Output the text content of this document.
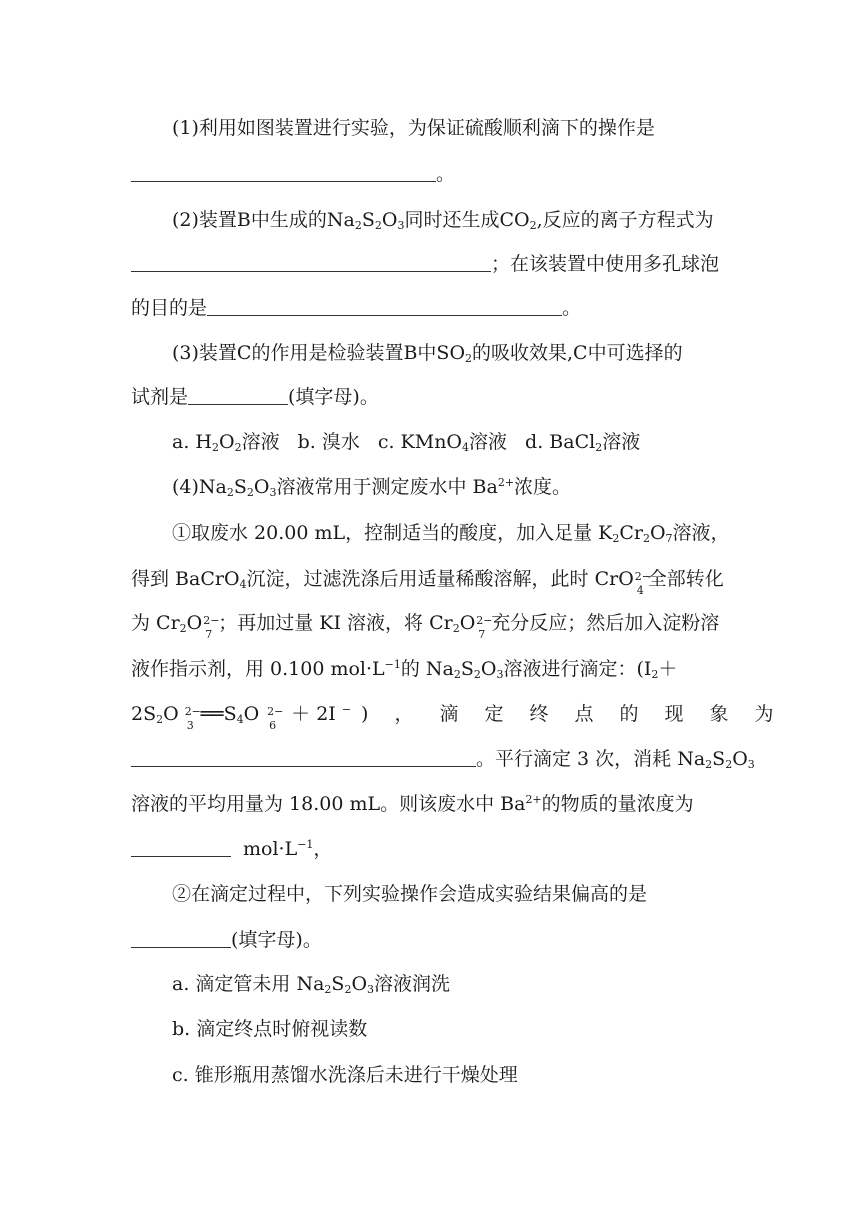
(1)利用如图装置进行实验，为保证硫酸顺利滴下的操作是
。
(2)装置B中生成的$Na_2S_2O_3$同时还生成$CO_2$,反应的离子方程式为
；在该装置中使用多孔球泡
的目的是	。
(3)装置C的作用是检验装置B中$SO_2$的吸收效果,C中可选择的
试剂是	(填字母)。
a. $H_2O_2$溶液 b. 溴水 c. KMnO$_4$溶液 d. BaCl$_2$溶液
$(4)Na_2S_2O_3$溶液常用于测定废水中 $Ba^{2+}$浓度。
①取废水 20.00 mL，控制适当的酸度，加入足量 $K_2Cr_2O_7$溶液，
得到 BaCrO$_4$沉淀，过滤洗涤后用适量稀酸溶解，此时 CrO 2−
4
全部转化
为 $Cr_2O$ 2−
7
；再加过量 KI 溶液，将 $Cr_2O$ 2−
7
充分反应；然后加入淀粉溶
液作指示剂，用 0.100 $mol\cdot L^{-1}$的 $Na_2S_2O_3$溶液进行滴定：($I_2+$
$2S_2O$ 2−
3
$══S_4O$ 2−
6
＋ 2I − ) ，滴定终点的现象为
。平行滴定 3 次，消耗 $Na_2S_2O_3$
溶液的平均用量为 18.00 mL。则该废水中 $Ba^{2+}$的物质的量浓度为
$mol\cdot L^{-1}$，
②在滴定过程中，下列实验操作会造成实验结果偏高的是
(填字母)。
a. 滴定管未用 $Na_2S_2O_3$溶液润洗
b. 滴定终点时俯视读数
c. 锥形瓶用蒸馏水洗涤后未进行干燥处理
